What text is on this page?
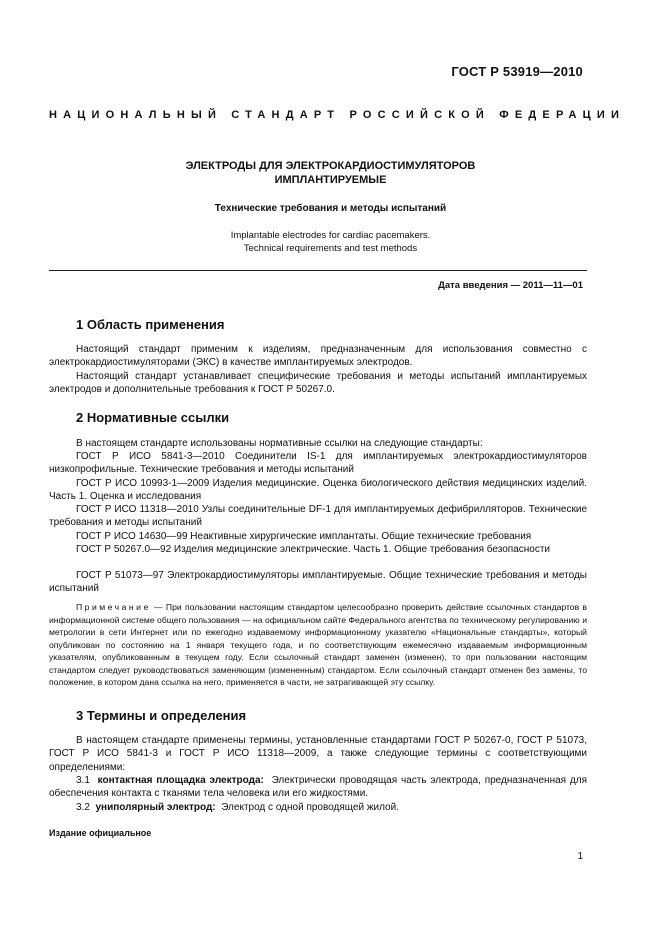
ГОСТ Р 53919—2010
НАЦИОНАЛЬНЫЙ СТАНДАРТ РОССИЙСКОЙ ФЕДЕРАЦИИ
ЭЛЕКТРОДЫ ДЛЯ ЭЛЕКТРОКАРДИОСТИМУЛЯТОРОВ
ИМПЛАНТИРУЕМЫЕ
Технические требования и методы испытаний
Implantable electrodes for cardiac pacemakers.
Technical requirements and test methods
Дата введения — 2011—11—01
1 Область применения
Настоящий стандарт применим к изделиям, предназначенным для использования совместно с электрокардиостимуляторами (ЭКС) в качестве имплантируемых электродов.
Настоящий стандарт устанавливает специфические требования и методы испытаний имплантируемых электродов и дополнительные требования к ГОСТ Р 50267.0.
2 Нормативные ссылки
В настоящем стандарте использованы нормативные ссылки на следующие стандарты:
ГОСТ Р ИСО 5841-3—2010 Соединители IS-1 для имплантируемых электрокардиостимуляторов низкопрофильные. Технические требования и методы испытаний
ГОСТ Р ИСО 10993-1—2009 Изделия медицинские. Оценка биологического действия медицинских изделий. Часть 1. Оценка и исследования
ГОСТ Р ИСО 11318—2010 Узлы соединительные DF-1 для имплантируемых дефибрилляторов. Технические требования и методы испытаний
ГОСТ Р ИСО 14630—99 Неактивные хирургические имплантаты. Общие технические требования
ГОСТ Р 50267.0—92 Изделия медицинские электрические. Часть 1. Общие требования безопасности
ГОСТ Р 51073—97 Электрокардиостимуляторы имплантируемые. Общие технические требования и методы испытаний
Примечание — При пользовании настоящим стандартом целесообразно проверить действие ссылочных стандартов в информационной системе общего пользования — на официальном сайте Федерального агентства по техническому регулированию и метрологии в сети Интернет или по ежегодно издаваемому информационному указателю «Национальные стандарты», который опубликован по состоянию на 1 января текущего года, и по соответствующим ежемесячно издаваемым информационным указателям, опубликованным в текущем году. Если ссылочный стандарт заменен (изменен), то при пользовании настоящим стандартом следует руководствоваться заменяющим (измененным) стандартом. Если ссылочный стандарт отменен без замены, то положение, в котором дана ссылка на него, применяется в части, не затрагивающей эту ссылку.
3 Термины и определения
В настоящем стандарте применены термины, установленные стандартами ГОСТ Р 50267-0, ГОСТ Р 51073, ГОСТ Р ИСО 5841-3 и ГОСТ Р ИСО 11318—2009, а также следующие термины с соответствующими определениями:
3.1 контактная площадка электрода: Электрически проводящая часть электрода, предназначенная для обеспечения контакта с тканями тела человека или его жидкостями.
3.2 униполярный электрод: Электрод с одной проводящей жилой.
Издание официальное
1
